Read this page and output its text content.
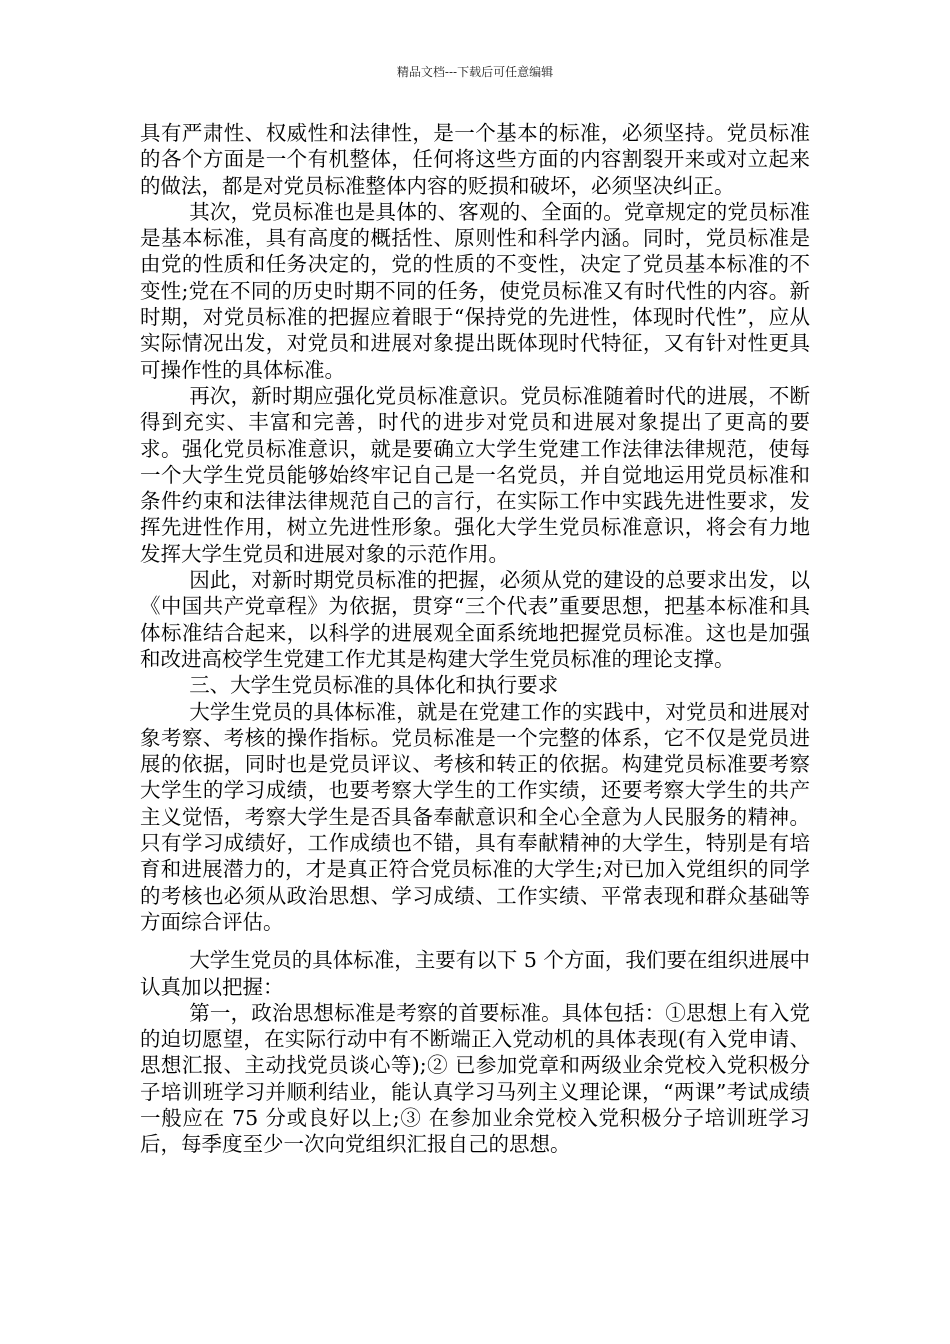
精品文档---下载后可任意编辑

具有严肃性、权威性和法律性，是一个基本的标准，必须坚持。党员标准的各个方面是一个有机整体，任何将这些方面的内容割裂开来或对立起来的做法，都是对党员标准整体内容的贬损和破坏，必须坚决纠正。

其次，党员标准也是具体的、客观的、全面的。党章规定的党员标准是基本标准，具有高度的概括性、原则性和科学内涵。同时，党员标准是由党的性质和任务决定的，党的性质的不变性，决定了党员基本标准的不变性;党在不同的历史时期不同的任务，使党员标准又有时代性的内容。新时期，对党员标准的把握应着眼于“保持党的先进性，体现时代性”，应从实际情况出发，对党员和进展对象提出既体现时代特征，又有针对性更具可操作性的具体标准。

再次，新时期应强化党员标准意识。党员标准随着时代的进展，不断得到充实、丰富和完善，时代的进步对党员和进展对象提出了更高的要求。强化党员标准意识，就是要确立大学生党建工作法律法律规范，使每一个大学生党员能够始终牢记自己是一名党员，并自觉地运用党员标准和条件约束和法律法律规范自己的言行，在实际工作中实践先进性要求，发挥先进性作用，树立先进性形象。强化大学生党员标准意识，将会有力地发挥大学生党员和进展对象的示范作用。

因此，对新时期党员标准的把握，必须从党的建设的总要求出发，以《中国共产党章程》为依据，贯穿“三个代表”重要思想，把基本标准和具体标准结合起来，以科学的进展观全面系统地把握党员标准。这也是加强和改进高校学生党建工作尤其是构建大学生党员标准的理论支撑。

三、大学生党员标准的具体化和执行要求

大学生党员的具体标准，就是在党建工作的实践中，对党员和进展对象考察、考核的操作指标。党员标准是一个完整的体系，它不仅是党员进展的依据，同时也是党员评议、考核和转正的依据。构建党员标准要考察大学生的学习成绩，也要考察大学生的工作实绩，还要考察大学生的共产主义觉悟，考察大学生是否具备奉献意识和全心全意为人民服务的精神。只有学习成绩好，工作成绩也不错，具有奉献精神的大学生，特别是有培育和进展潜力的，才是真正符合党员标准的大学生;对已加入党组织的同学的考核也必须从政治思想、学习成绩、工作实绩、平常表现和群众基础等方面综合评估。

大学生党员的具体标准，主要有以下 5 个方面，我们要在组织进展中认真加以把握：

第一，政治思想标准是考察的首要标准。具体包括：①思想上有入党的迫切愿望，在实际行动中有不断端正入党动机的具体表现(有入党申请、思想汇报、主动找党员谈心等);② 已参加党章和两级业余党校入党积极分子培训班学习并顺利结业，能认真学习马列主义理论课，“两课”考试成绩一般应在 75 分或良好以上;③ 在参加业余党校入党积极分子培训班学习后，每季度至少一次向党组织汇报自己的思想。
